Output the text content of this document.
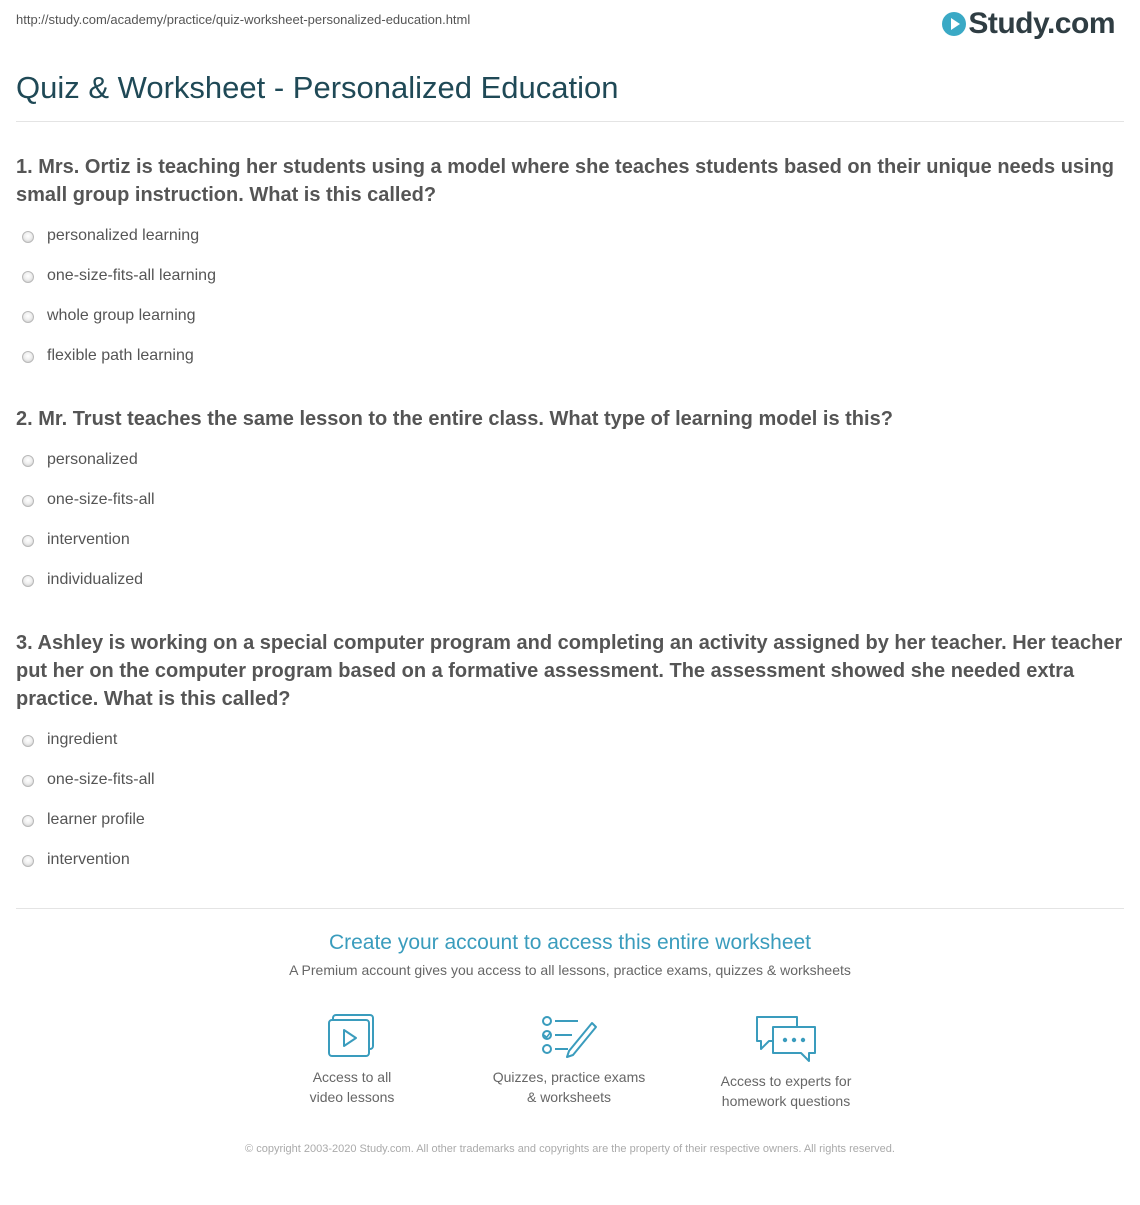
http://study.com/academy/practice/quiz-worksheet-personalized-education.html	Study.com
Quiz & Worksheet - Personalized Education
1. Mrs. Ortiz is teaching her students using a model where she teaches students based on their unique needs using small group instruction. What is this called?
personalized learning
one-size-fits-all learning
whole group learning
flexible path learning
2. Mr. Trust teaches the same lesson to the entire class. What type of learning model is this?
personalized
one-size-fits-all
intervention
individualized
3. Ashley is working on a special computer program and completing an activity assigned by her teacher. Her teacher put her on the computer program based on a formative assessment. The assessment showed she needed extra practice. What is this called?
ingredient
one-size-fits-all
learner profile
intervention
Create your account to access this entire worksheet
A Premium account gives you access to all lessons, practice exams, quizzes & worksheets
Access to all
video lessons
Quizzes, practice exams
& worksheets
Access to experts for
homework questions
© copyright 2003-2020 Study.com. All other trademarks and copyrights are the property of their respective owners. All rights reserved.
